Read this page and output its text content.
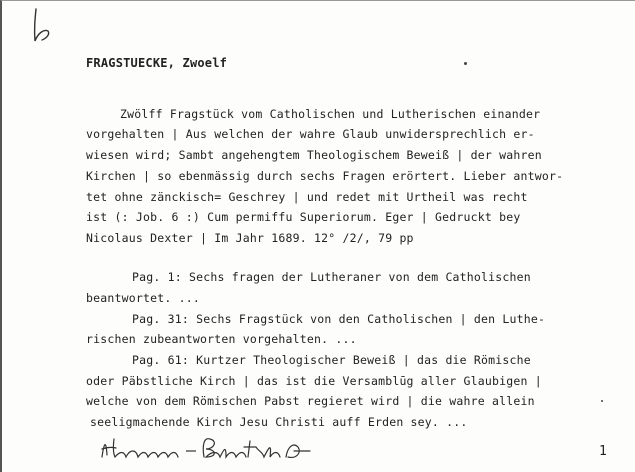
FRAGSTUECKE, Zwoelf
Zwölff Fragstück vom Catholischen und Lutherischen einander
vorgehalten | Aus welchen der wahre Glaub unwidersprechlich er-
wiesen wird; Sambt angehengtem Theologischem Beweiß | der wahren
Kirchen | so ebenmässig durch sechs Fragen erörtert. Lieber antwor-
tet ohne zänckisch= Geschrey | und redet mit Urtheil was recht
ist (: Job. 6 :) Cum permiffu Superiorum. Eger | Gedruckt bey
Nicolaus Dexter | Im Jahr 1689. 12° /2/, 79 pp
Pag. 1: Sechs fragen der Lutheraner von dem Catholischen
beantwortet. ...
Pag. 31: Sechs Fragstück von den Catholischen | den Luthe-
rischen zubeantworten vorgehalten. ...
Pag. 61: Kurtzer Theologischer Beweiß | das die Römische
oder Päbstliche Kirch | das ist die Versamblūg aller Glaubigen |
welche von dem Römischen Pabst regieret wird | die wahre allein
seeligmachende Kirch Jesu Christi auff Erden sey. ...
1
